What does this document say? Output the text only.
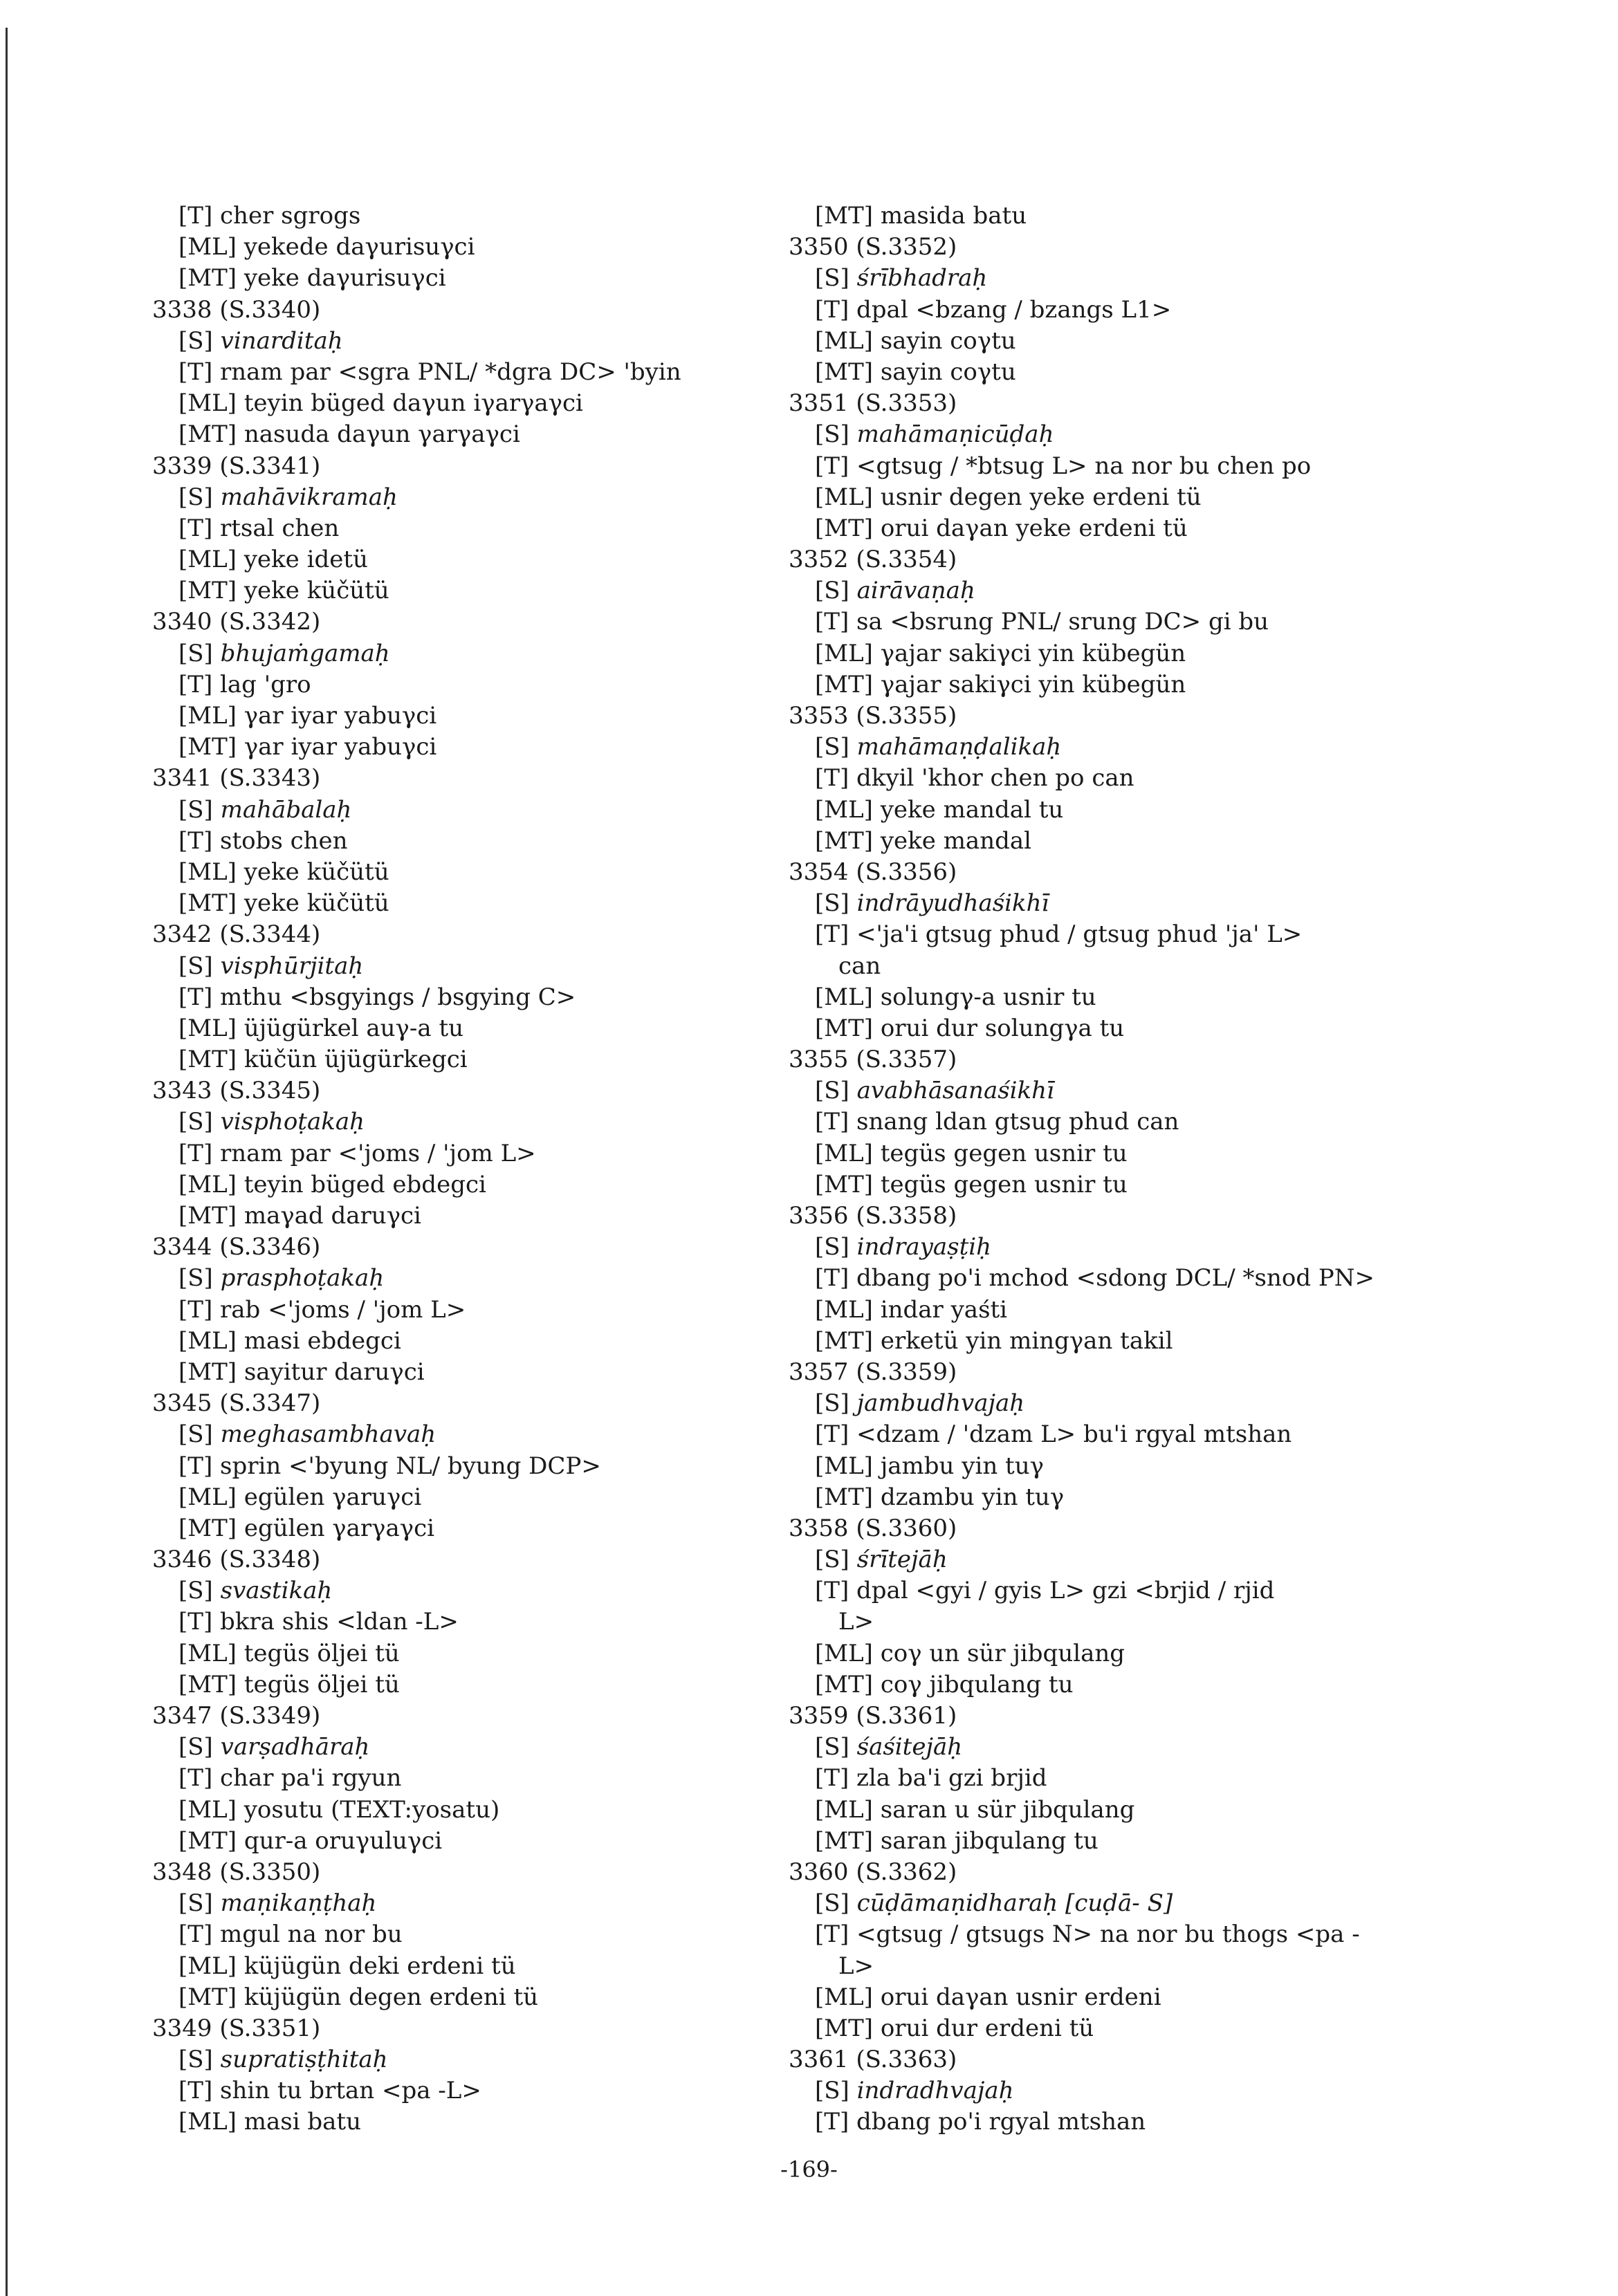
[T] cher sgrogs
[ML] yekede daγurisuγci
[MT] yeke daγurisuγci
3338 (S.3340)
[S] vinarditaḥ
[T] rnam par <sgra PNL/ *dgra DC> 'byin
[ML] teyin büged daγun iγarγaγci
[MT] nasuda daγun γarγaγci
3339 (S.3341)
[S] mahāvikramaḥ
[T] rtsal chen
[ML] yeke idetü
[MT] yeke küčütü
3340 (S.3342)
[S] bhujaṁgamaḥ
[T] lag 'gro
[ML] γar iyar yabuγci
[MT] γar iyar yabuγci
3341 (S.3343)
[S] mahābalaḥ
[T] stobs chen
[ML] yeke küčütü
[MT] yeke küčütü
3342 (S.3344)
[S] visphūrjitaḥ
[T] mthu <bsgyings / bsgying C>
[ML] üjügürkel auγ-a tu
[MT] küčün üjügürkegci
3343 (S.3345)
[S] visphoṭakaḥ
[T] rnam par <'joms / 'jom L>
[ML] teyin büged ebdegci
[MT] maγad daruγci
3344 (S.3346)
[S] prasphoṭakaḥ
[T] rab <'joms / 'jom L>
[ML] masi ebdegci
[MT] sayitur daruγci
3345 (S.3347)
[S] meghasambhavaḥ
[T] sprin <'byung NL/ byung DCP>
[ML] egülen γaruγci
[MT] egülen γarγaγci
3346 (S.3348)
[S] svastikaḥ
[T] bkra shis <ldan -L>
[ML] tegüs öljei tü
[MT] tegüs öljei tü
3347 (S.3349)
[S] varṣadhāraḥ
[T] char pa'i rgyun
[ML] yosutu (TEXT:yosatu)
[MT] qur-a oruγuluγci
3348 (S.3350)
[S] maṇikaṇṭhaḥ
[T] mgul na nor bu
[ML] küjügün deki erdeni tü
[MT] küjügün degen erdeni tü
3349 (S.3351)
[S] supratiṣṭhitaḥ
[T] shin tu brtan <pa -L>
[ML] masi batu
[MT] masida batu
3350 (S.3352)
[S] śrībhadraḥ
[T] dpal <bzang / bzangs L1>
[ML] sayin coγtu
[MT] sayin coγtu
3351 (S.3353)
[S] mahāmaṇicūḍaḥ
[T] <gtsug / *btsug L> na nor bu chen po
[ML] usnir degen yeke erdeni tü
[MT] orui daγan yeke erdeni tü
3352 (S.3354)
[S] airāvaṇaḥ
[T] sa <bsrung PNL/ srung DC> gi bu
[ML] γajar sakiγci yin kübegün
[MT] γajar sakiγci yin kübegün
3353 (S.3355)
[S] mahāmaṇḍalikaḥ
[T] dkyil 'khor chen po can
[ML] yeke mandal tu
[MT] yeke mandal
3354 (S.3356)
[S] indrāyudhaśikhī
[T] <'ja'i gtsug phud / gtsug phud 'ja' L>
can
[ML] solungγ-a usnir tu
[MT] orui dur solungγa tu
3355 (S.3357)
[S] avabhāsanaśikhī
[T] snang ldan gtsug phud can
[ML] tegüs gegen usnir tu
[MT] tegüs gegen usnir tu
3356 (S.3358)
[S] indrayaṣṭiḥ
[T] dbang po'i mchod <sdong DCL/ *snod PN>
[ML] indar yaśti
[MT] erketü yin mingγan takil
3357 (S.3359)
[S] jambudhvajaḥ
[T] <dzam / 'dzam L> bu'i rgyal mtshan
[ML] jambu yin tuγ
[MT] dzambu yin tuγ
3358 (S.3360)
[S] śrītejāḥ
[T] dpal <gyi / gyis L> gzi <brjid / rjid
L>
[ML] coγ un sür jibqulang
[MT] coγ jibqulang tu
3359 (S.3361)
[S] śaśitejāḥ
[T] zla ba'i gzi brjid
[ML] saran u sür jibqulang
[MT] saran jibqulang tu
3360 (S.3362)
[S] cūḍāmaṇidharaḥ [cuḍā- S]
[T] <gtsug / gtsugs N> na nor bu thogs <pa -
L>
[ML] orui daγan usnir erdeni
[MT] orui dur erdeni tü
3361 (S.3363)
[S] indradhvajaḥ
[T] dbang po'i rgyal mtshan
-169-
